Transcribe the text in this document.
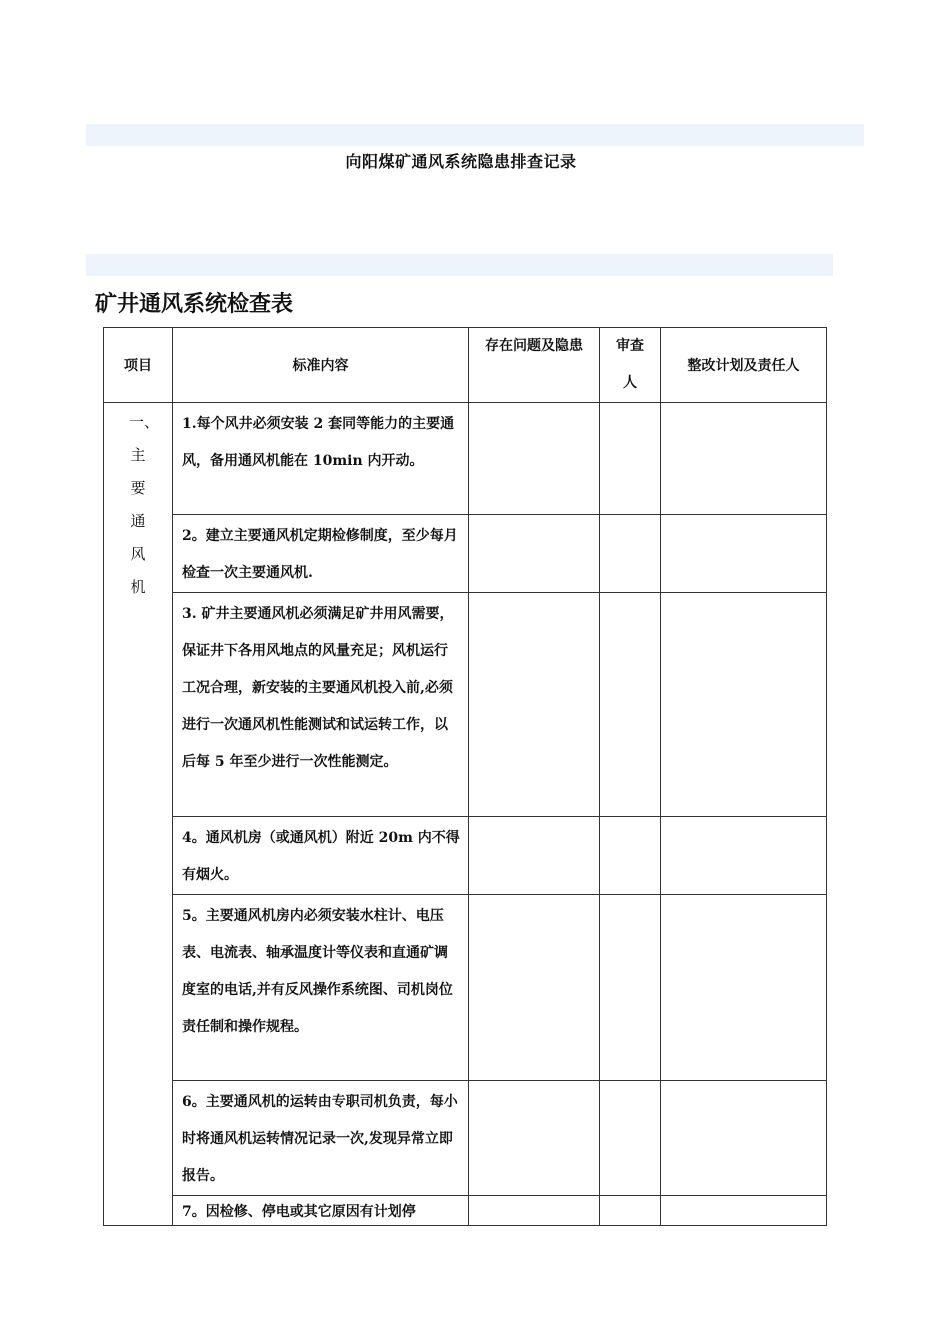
向阳煤矿通风系统隐患排查记录
矿井通风系统检查表
项目	标准内容	存在问题及隐患	审查人	整改计划及责任人

一、主要通风机	1.每个风井必须安装 2 套同等能力的主要通风，备用通风机能在 10min 内开动。			
	2。建立主要通风机定期检修制度，至少每月检查一次主要通风机.			
	3. 矿井主要通风机必须满足矿井用风需要，保证井下各用风地点的风量充足；风机运行工况合理，新安装的主要通风机投入前,必须进行一次通风机性能测试和试运转工作，以后每 5 年至少进行一次性能测定。			
	4。通风机房（或通风机）附近 20m 内不得有烟火。			
	5。主要通风机房内必须安装水柱计、电压表、电流表、轴承温度计等仪表和直通矿调度室的电话,并有反风操作系统图、司机岗位责任制和操作规程。			
	6。主要通风机的运转由专职司机负责，每小时将通风机运转情况记录一次,发现异常立即报告。			
	7。因检修、停电或其它原因有计划停			
